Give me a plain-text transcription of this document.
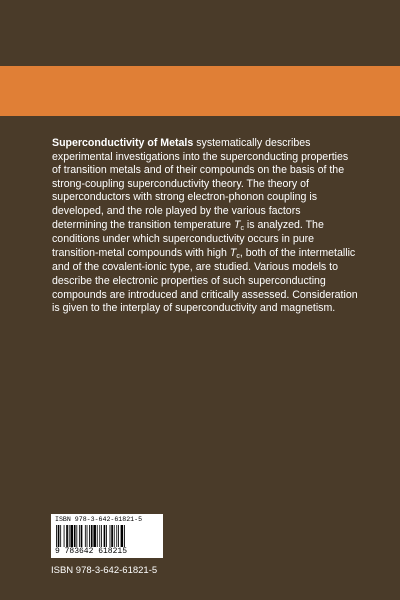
Superconductivity of Metals systematically describes experimental investigations into the superconducting properties of transition metals and of their compounds on the basis of the strong-coupling superconductivity theory. The theory of superconductors with strong electron-phonon coupling is developed, and the role played by the various factors determining the transition temperature $T_c$ is analyzed. The conditions under which superconductivity occurs in pure transition-metal compounds with high $T_c$, both of the intermetallic and of the covalent-ionic type, are studied. Various models to describe the electronic properties of such superconducting compounds are introduced and critically assessed. Consideration is given to the interplay of superconductivity and magnetism.

ISBN 978-3-642-61821-5
9 783642 618215
ISBN 978-3-642-61821-5
